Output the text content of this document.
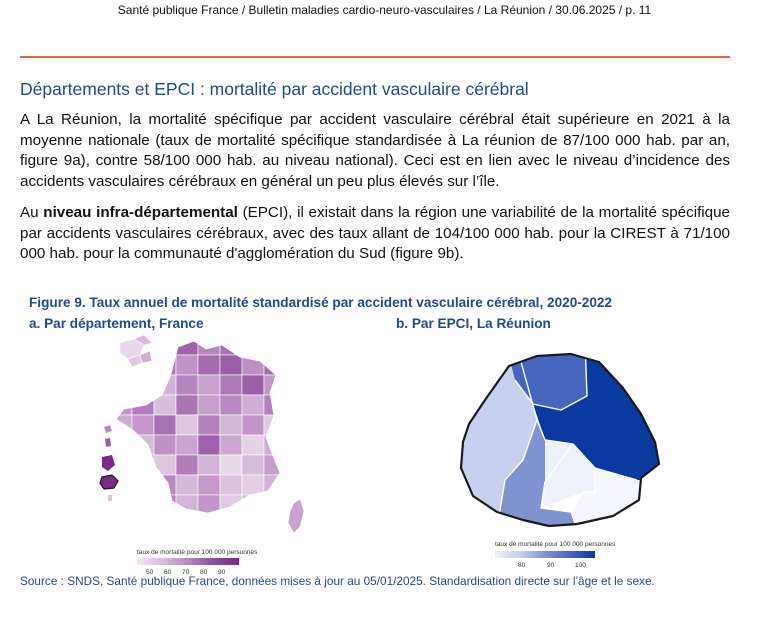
Santé publique France / Bulletin maladies cardio-neuro-vasculaires / La Réunion / 30.06.2025 / p. 11
Départements et EPCI : mortalité par accident vasculaire cérébral
A La Réunion, la mortalité spécifique par accident vasculaire cérébral était supérieure en 2021 à la moyenne nationale (taux de mortalité spécifique standardisée à La réunion de 87/100 000 hab. par an, figure 9a), contre 58/100 000 hab. au niveau national). Ceci est en lien avec le niveau d’incidence des accidents vasculaires cérébraux en général un peu plus élevés sur l’île.
Au niveau infra-départemental (EPCI), il existait dans la région une variabilité de la mortalité spécifique par accidents vasculaires cérébraux, avec des taux allant de 104/100 000 hab. pour la CIREST à 71/100 000 hab. pour la communauté d'agglomération du Sud (figure 9b).
Figure 9. Taux annuel de mortalité standardisé par accident vasculaire cérébral, 2020-2022
a. Par département, France	b. Par EPCI, La Réunion
taux de mortalité pour 100 000 personnes
50 60 70 80 90
taux de mortalité pour 100 000 personnes
80	90	100
Source : SNDS, Santé publique France, données mises à jour au 05/01/2025. Standardisation directe sur l’âge et le sexe.
